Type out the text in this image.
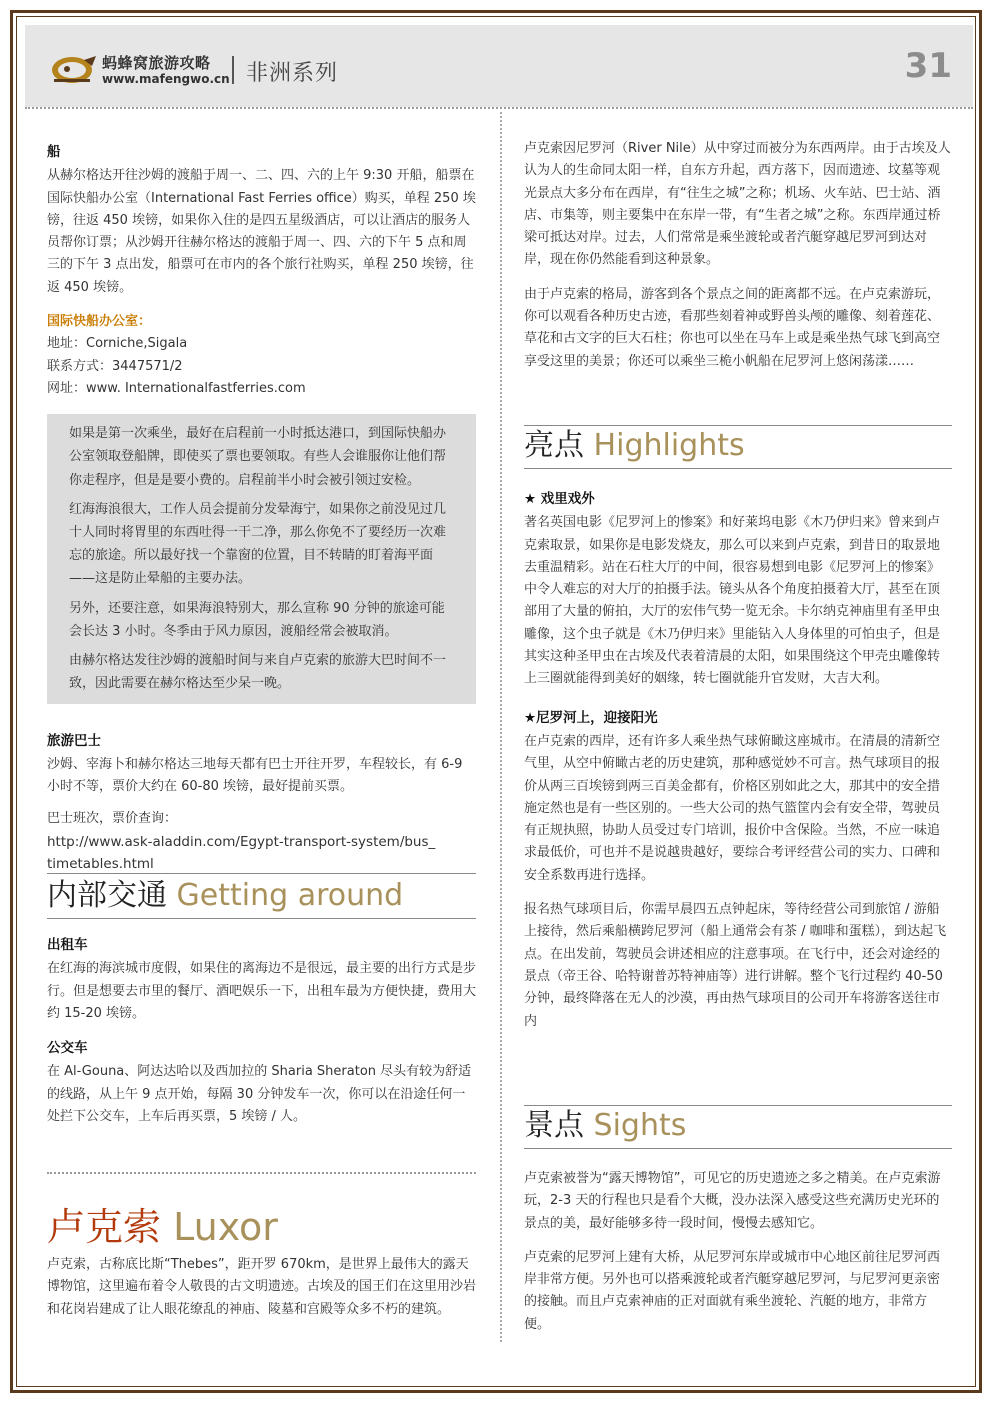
蚂蜂窝旅游攻略
www.mafengwo.cn 非洲系列	31

船

从赫尔格达开往沙姆的渡船于周一、二、四、六的上午 9:30 开船，船票在国际快船办公室（International Fast Ferries office）购买，单程 250 埃镑，往返 450 埃镑，如果你入住的是四五星级酒店，可以让酒店的服务人员帮你订票；从沙姆开往赫尔格达的渡船于周一、四、六的下午 5 点和周三的下午 3 点出发，船票可在市内的各个旅行社购买，单程 250 埃镑，往返 450 埃镑。

国际快船办公室：

地址：Corniche,Sigala

联系方式：3447571/2

网址：www. Internationalfastferries.com

如果是第一次乘坐，最好在启程前一小时抵达港口，到国际快船办公室领取登船牌，即使买了票也要领取。有些人会谁服你让他们帮你走程序，但是是要小费的。启程前半小时会被引领过安检。

红海海浪很大，工作人员会提前分发晕海宁，如果你之前没见过几十人同时将胃里的东西吐得一干二净，那么你免不了要经历一次难忘的旅途。所以最好找一个靠窗的位置，目不转睛的盯着海平面——这是防止晕船的主要办法。

另外，还要注意，如果海浪特别大，那么宣称 90 分钟的旅途可能会长达 3 小时。冬季由于风力原因，渡船经常会被取消。

由赫尔格达发往沙姆的渡船时间与来自卢克索的旅游大巴时间不一致，因此需要在赫尔格达至少呆一晚。

旅游巴士

沙姆、宰海卜和赫尔格达三地每天都有巴士开往开罗，车程较长，有 6-9 小时不等，票价大约在 60-80 埃镑，最好提前买票。

巴士班次，票价查询：

http://www.ask-aladdin.com/Egypt-transport-system/bus_
timetables.html

内部交通 Getting around

出租车

在红海的海滨城市度假，如果住的离海边不是很远，最主要的出行方式是步行。但是想要去市里的餐厅、酒吧娱乐一下，出租车最为方便快捷，费用大约 15-20 埃镑。

公交车

在 Al-Gouna、阿达达哈以及西加拉的 Sharia Sheraton 尽头有较为舒适的线路，从上午 9 点开始，每隔 30 分钟发车一次，你可以在沿途任何一处拦下公交车，上车后再买票，5 埃镑 / 人。

卢克索 Luxor

卢克索，古称底比斯“Thebes”，距开罗 670km，是世界上最伟大的露天博物馆，这里遍布着令人敬畏的古文明遗迹。古埃及的国王们在这里用沙岩和花岗岩建成了让人眼花缭乱的神庙、陵墓和宫殿等众多不朽的建筑。

卢克索因尼罗河（River Nile）从中穿过而被分为东西两岸。由于古埃及人认为人的生命同太阳一样，自东方升起，西方落下，因而遗迹、坟墓等观光景点大多分布在西岸，有“往生之城”之称；机场、火车站、巴士站、酒店、市集等，则主要集中在东岸一带，有“生者之城”之称。东西岸通过桥梁可抵达对岸。过去，人们常常是乘坐渡轮或者汽艇穿越尼罗河到达对岸，现在你仍然能看到这种景象。

由于卢克索的格局，游客到各个景点之间的距离都不远。在卢克索游玩，你可以观看各种历史古迹，看那些刻着神或野兽头颅的雕像、刻着莲花、草花和古文字的巨大石柱；你也可以坐在马车上或是乘坐热气球飞到高空享受这里的美景；你还可以乘坐三桅小帆船在尼罗河上悠闲荡漾……

亮点 Highlights

★ 戏里戏外

著名英国电影《尼罗河上的惨案》和好莱坞电影《木乃伊归来》曾来到卢克索取景，如果你是电影发烧友，那么可以来到卢克索，到昔日的取景地去重温精彩。站在石柱大厅的中间，很容易想到电影《尼罗河上的惨案》中令人难忘的对大厅的拍摄手法。镜头从各个角度拍摄着大厅，甚至在顶部用了大量的俯拍，大厅的宏伟气势一览无余。卡尔纳克神庙里有圣甲虫雕像，这个虫子就是《木乃伊归来》里能钻入人身体里的可怕虫子，但是其实这种圣甲虫在古埃及代表着清晨的太阳，如果围绕这个甲壳虫雕像转上三圈就能得到美好的姻缘，转七圈就能升官发财，大吉大利。

★尼罗河上，迎接阳光

在卢克索的西岸，还有许多人乘坐热气球俯瞰这座城市。在清晨的清新空气里，从空中俯瞰古老的历史建筑，那种感觉妙不可言。热气球项目的报价从两三百埃镑到两三百美金都有，价格区别如此之大，那其中的安全措施定然也是有一些区别的。一些大公司的热气篮筐内会有安全带，驾驶员有正规执照，协助人员受过专门培训，报价中含保险。当然，不应一味追求最低价，可也并不是说越贵越好，要综合考评经营公司的实力、口碑和安全系数再进行选择。

报名热气球项目后，你需早晨四五点钟起床，等待经营公司到旅馆 / 游船上接待，然后乘船横跨尼罗河（船上通常会有茶 / 咖啡和蛋糕），到达起飞点。在出发前，驾驶员会讲述相应的注意事项。在飞行中，还会对途经的景点（帝王谷、哈特谢普苏特神庙等）进行讲解。整个飞行过程约 40-50 分钟，最终降落在无人的沙漠，再由热气球项目的公司开车将游客送往市内

景点 Sights

卢克索被誉为“露天博物馆”，可见它的历史遗迹之多之精美。在卢克索游玩，2-3 天的行程也只是看个大概，没办法深入感受这些充满历史光环的景点的美，最好能够多待一段时间，慢慢去感知它。

卢克索的尼罗河上建有大桥，从尼罗河东岸或城市中心地区前往尼罗河西岸非常方便。另外也可以搭乘渡轮或者汽艇穿越尼罗河，与尼罗河更亲密的接触。而且卢克索神庙的正对面就有乘坐渡轮、汽艇的地方，非常方便。
